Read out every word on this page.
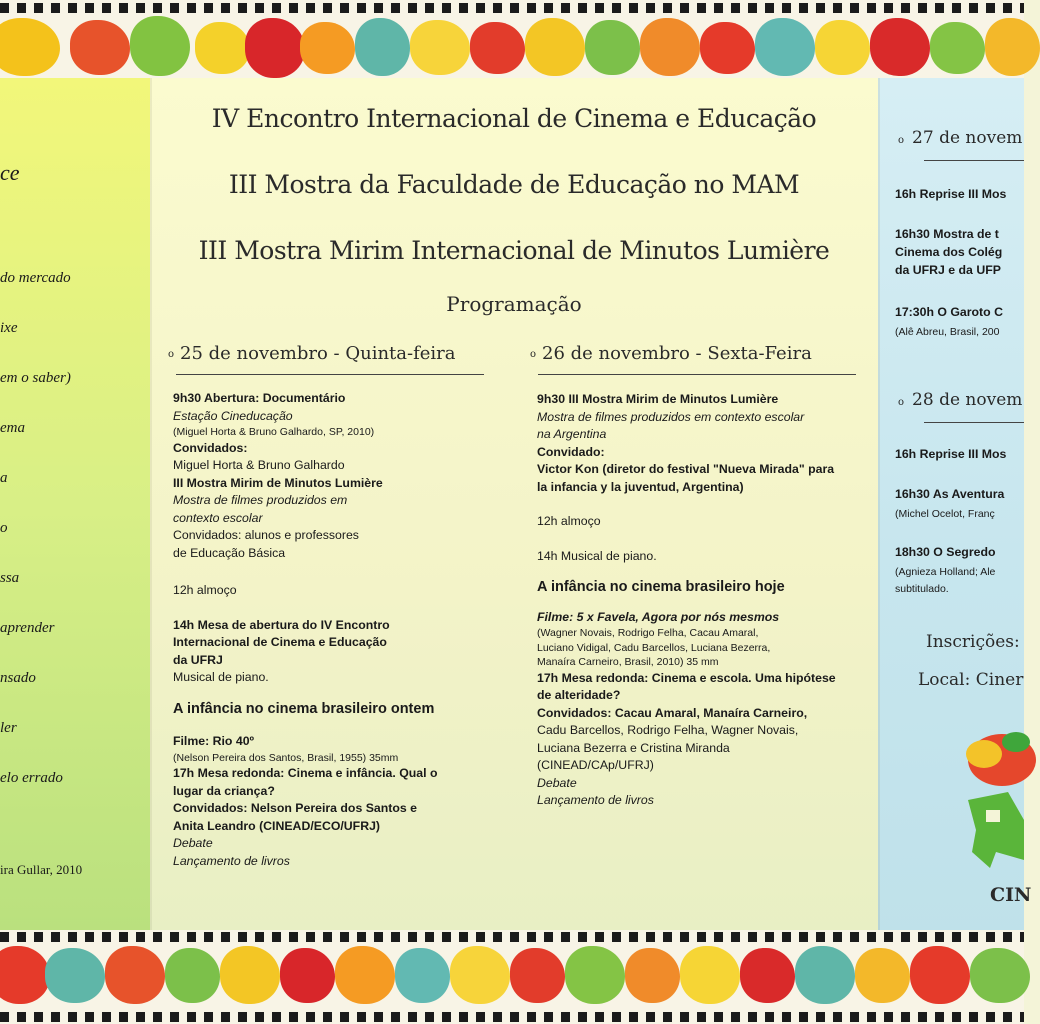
ce
do mercado
ixe
em o saber)
ema
a
o
ssa
aprender
nsado
ler
elo errado
ira Gullar, 2010
IV Encontro Internacional de Cinema e Educação
III Mostra da Faculdade de Educação no MAM
III Mostra Mirim Internacional de Minutos Lumière
Programação
o 25 de novembro - Quinta-feira
9h30 Abertura: Documentário
Estação Cineducação
(Miguel Horta & Bruno Galhardo, SP, 2010)
Convidados:
Miguel Horta & Bruno Galhardo
III Mostra Mirim de Minutos Lumière
Mostra de filmes produzidos em
contexto escolar
Convidados: alunos e professores
de Educação Básica
12h almoço
14h Mesa de abertura do IV Encontro
Internacional de Cinema e Educação
da UFRJ
Musical de piano.
A infância no cinema brasileiro ontem
Filme: Rio 40º
(Nelson Pereira dos Santos, Brasil, 1955) 35mm
17h Mesa redonda: Cinema e infância. Qual o
lugar da criança?
Convidados: Nelson Pereira dos Santos e
Anita Leandro (CINEAD/ECO/UFRJ)
Debate
Lançamento de livros
o 26 de novembro - Sexta-Feira
9h30 III Mostra Mirim de Minutos Lumière
Mostra de filmes produzidos em contexto escolar
na Argentina
Convidado:
Victor Kon (diretor do festival "Nueva Mirada" para
la infancia y la juventud, Argentina)
12h almoço
14h Musical de piano.
A infância no cinema brasileiro hoje
Filme: 5 x Favela, Agora por nós mesmos
(Wagner Novais, Rodrigo Felha, Cacau Amaral,
Luciano Vidigal, Cadu Barcellos, Luciana Bezerra,
Manaíra Carneiro, Brasil, 2010) 35 mm
17h Mesa redonda: Cinema e escola. Uma hipótese
de alteridade?
Convidados: Cacau Amaral, Manaíra Carneiro,
Cadu Barcellos, Rodrigo Felha, Wagner Novais,
Luciana Bezerra e Cristina Miranda
(CINEAD/CAp/UFRJ)
Debate
Lançamento de livros
o 27 de novem
16h Reprise III Mos
16h30 Mostra de t
Cinema dos Colég
da UFRJ e da UFP
17:30h O Garoto C
(Alê Abreu, Brasil, 200
o 28 de novem
16h Reprise III Mos
16h30 As Aventura
(Michel Ocelot, Franç
18h30 O Segredo
(Agnieza Holland; Ale
subtitulado.
Inscrições:
Local: Ciner
CIN
